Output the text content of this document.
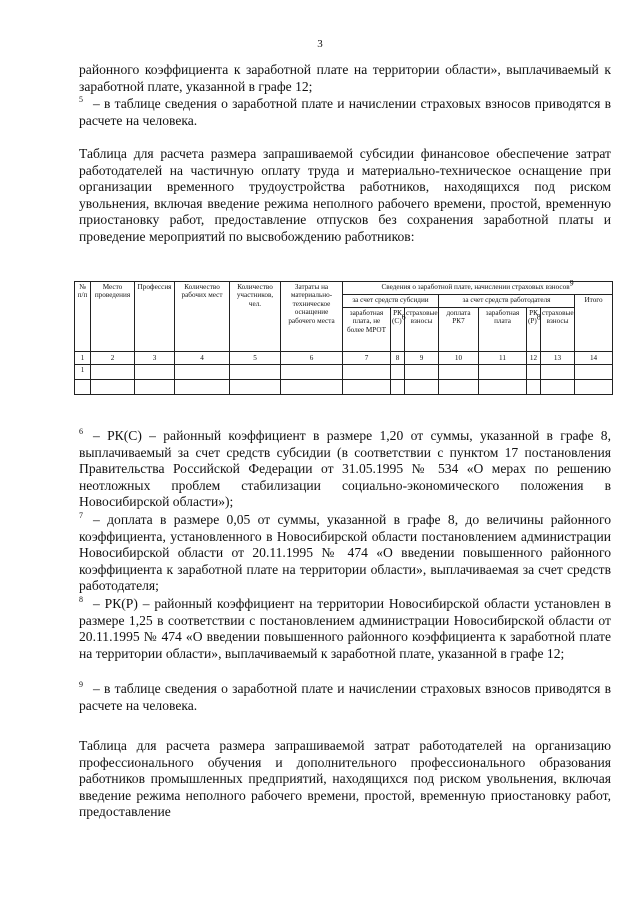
3

районного коэффициента к заработной плате на территории области», выплачиваемый к заработной плате, указанной в графе 12;

$^5$ – в таблице сведения о заработной плате и начислении страховых взносов приводятся в расчете на человека.

Таблица для расчета размера запрашиваемой субсидии финансовое обеспечение затрат работодателей на частичную оплату труда и материально-техническое оснащение при организации временного трудоустройства работников, находящихся под риском увольнения, включая введение режима неполного рабочего времени, простой, временную приостановку работ, предоставление отпусков без сохранения заработной платы и проведение мероприятий по высвобождению работников:

№ п/п	Место проведения	Профессия	Количество рабочих мест	Количество участников, чел.	Затраты на материально-техническое оснащение рабочего места	Сведения о заработной плате, начислении страховых взносов$^9$
						за счет средств субсидии			за счет средств работодателя				Итого
						заработная плата, не более МРОТ	РК $(С)^6$	страховые взносы	доплата РК7	заработная плата	РК $(Р)^8$	страховые взносы	
1	2	3	4	5	6	7	8	9	10	11	12	13	14
1													

$^6$ – РК(С) – районный коэффициент в размере 1,20 от суммы, указанной в графе 8, выплачиваемый за счет средств субсидии (в соответствии с пунктом 17 постановления Правительства Российской Федерации от 31.05.1995 № 534 «О мерах по решению неотложных проблем стабилизации социально-экономического положения в Новосибирской области»);

$^7$ – доплата в размере 0,05 от суммы, указанной в графе 8, до величины районного коэффициента, установленного в Новосибирской области постановлением администрации Новосибирской области от 20.11.1995 № 474 «О введении повышенного районного коэффициента к заработной плате на территории области», выплачиваемая за счет средств работодателя;

$^8$ – РК(Р) – районный коэффициент на территории Новосибирской области установлен в размере 1,25 в соответствии с постановлением администрации Новосибирской области от 20.11.1995 № 474 «О введении повышенного районного коэффициента к заработной плате на территории области», выплачиваемый к заработной плате, указанной в графе 12;

$^9$ – в таблице сведения о заработной плате и начислении страховых взносов приводятся в расчете на человека.

Таблица для расчета размера запрашиваемой затрат работодателей на организацию профессионального обучения и дополнительного профессионального образования работников промышленных предприятий, находящихся под риском увольнения, включая введение режима неполного рабочего времени, простой, временную приостановку работ, предоставление
